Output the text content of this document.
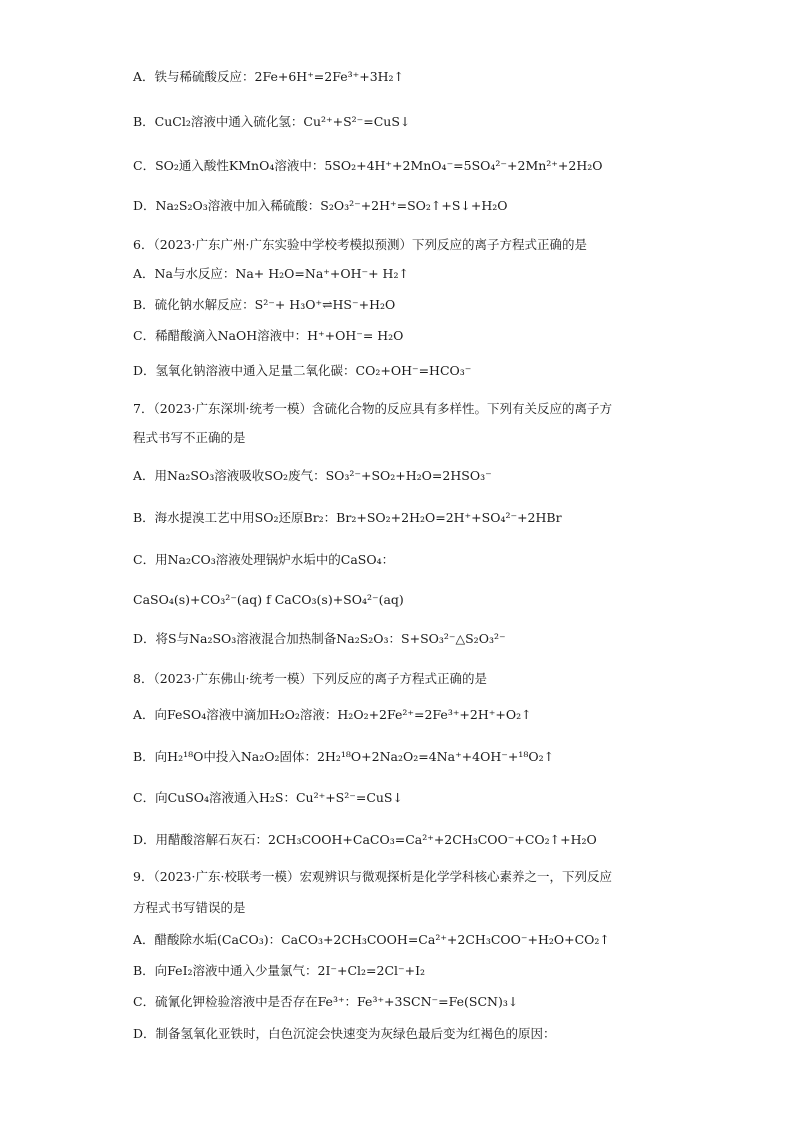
A．铁与稀硫酸反应：2Fe+6H⁺=2Fe³⁺+3H₂↑
B．CuCl₂溶液中通入硫化氢：Cu²⁺+S²⁻=CuS↓
C．SO₂通入酸性KMnO₄溶液中：5SO₂+4H⁺+2MnO₄⁻=5SO₄²⁻+2Mn²⁺+2H₂O
D．Na₂S₂O₃溶液中加入稀硫酸：S₂O₃²⁻+2H⁺=SO₂↑+S↓+H₂O
6．（2023·广东广州·广东实验中学校考模拟预测）下列反应的离子方程式正确的是
A．Na与水反应：Na+ H₂O=Na⁺+OH⁻+ H₂↑
B．硫化钠水解反应：S²⁻+ H₃O⁺⇌HS⁻+H₂O
C．稀醋酸滴入NaOH溶液中：H⁺+OH⁻= H₂O
D．氢氧化钠溶液中通入足量二氧化碳：CO₂+OH⁻=HCO₃⁻
7．（2023·广东深圳·统考一模）含硫化合物的反应具有多样性。下列有关反应的离子方
程式书写不正确的是
A．用Na₂SO₃溶液吸收SO₂废气：SO₃²⁻+SO₂+H₂O=2HSO₃⁻
B．海水提溴工艺中用SO₂还原Br₂：Br₂+SO₂+2H₂O=2H⁺+SO₄²⁻+2HBr
C．用Na₂CO₃溶液处理锅炉水垢中的CaSO₄：
CaSO₄(s)+CO₃²⁻(aq) f CaCO₃(s)+SO₄²⁻(aq)
D．将S与Na₂SO₃溶液混合加热制备Na₂S₂O₃：S+SO₃²⁻△S₂O₃²⁻
8．（2023·广东佛山·统考一模）下列反应的离子方程式正确的是
A．向FeSO₄溶液中滴加H₂O₂溶液：H₂O₂+2Fe²⁺=2Fe³⁺+2H⁺+O₂↑
B．向H₂¹⁸O中投入Na₂O₂固体：2H₂¹⁸O+2Na₂O₂=4Na⁺+4OH⁻+¹⁸O₂↑
C．向CuSO₄溶液通入H₂S：Cu²⁺+S²⁻=CuS↓
D．用醋酸溶解石灰石：2CH₃COOH+CaCO₃=Ca²⁺+2CH₃COO⁻+CO₂↑+H₂O
9．（2023·广东·校联考一模）宏观辨识与微观探析是化学学科核心素养之一，下列反应
方程式书写错误的是
A．醋酸除水垢(CaCO₃)：CaCO₃+2CH₃COOH=Ca²⁺+2CH₃COO⁻+H₂O+CO₂↑
B．向FeI₂溶液中通入少量氯气：2I⁻+Cl₂=2Cl⁻+I₂
C．硫氰化钾检验溶液中是否存在Fe³⁺：Fe³⁺+3SCN⁻=Fe(SCN)₃↓
D．制备氢氧化亚铁时，白色沉淀会快速变为灰绿色最后变为红褐色的原因：
